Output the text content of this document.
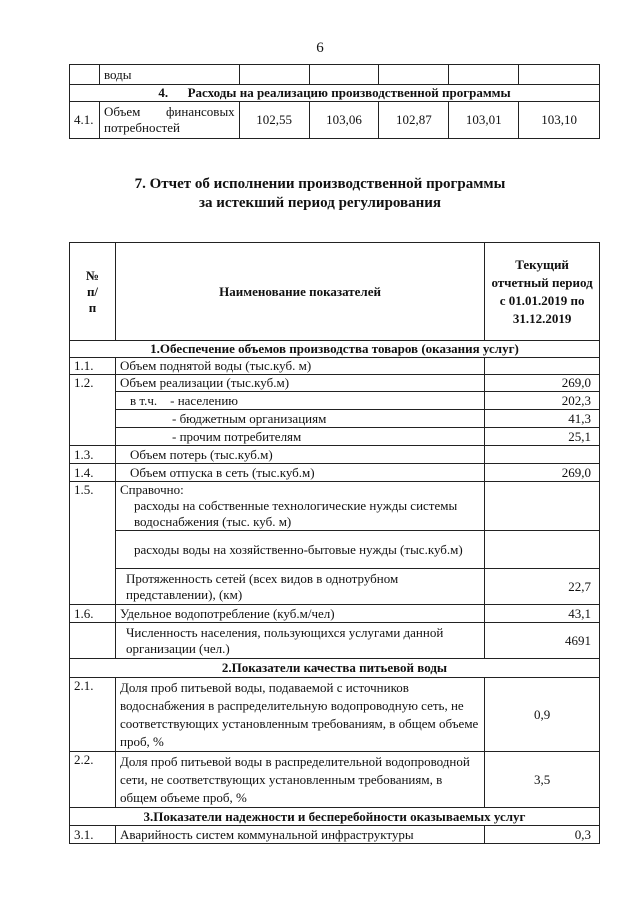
6
	воды					
4. Расходы на реализацию производственной программы						
4.1.	Объем финансовых потребностей	102,55	103,06	102,87	103,01	103,10
7. Отчет об исполнении производственной программы
за истекший период регулирования
№ п/п	Наименование показателей	Текущий отчетный период с 01.01.2019 по 31.12.2019
1.Обеспечение объемов производства товаров (оказания услуг)		
1.1.	Объем поднятой воды (тыс.куб. м)	
1.2.	Объем реализации (тыс.куб.м)	269,0
	в т.ч. - населению	202,3
	- бюджетным организациям	41,3
	- прочим потребителям	25,1
1.3.	Объем потерь (тыс.куб.м)	
1.4.	Объем отпуска в сеть (тыс.куб.м)	269,0
1.5.	Справочно:
расходы на собственные технологические нужды системы водоснабжения (тыс. куб. м)	

	расходы воды на хозяйственно-бытовые нужды (тыс.куб.м)	
	Протяженность сетей (всех видов в однотрубном представлении), (км)	22,7
1.6.	Удельное водопотребление (куб.м/чел)	43,1
	Численность населения, пользующихся услугами данной организации (чел.)	4691
2.Показатели качества питьевой воды		
2.1.	Доля проб питьевой воды, подаваемой с источников водоснабжения в распределительную водопроводную сеть, не соответствующих установленным требованиям, в общем объеме проб, %	0,9
2.2.	Доля проб питьевой воды в распределительной водопроводной сети, не соответствующих установленным требованиям, в общем объеме проб, %	3,5
3.Показатели надежности и бесперебойности оказываемых услуг		
3.1.	Аварийность систем коммунальной инфраструктуры	0,3
